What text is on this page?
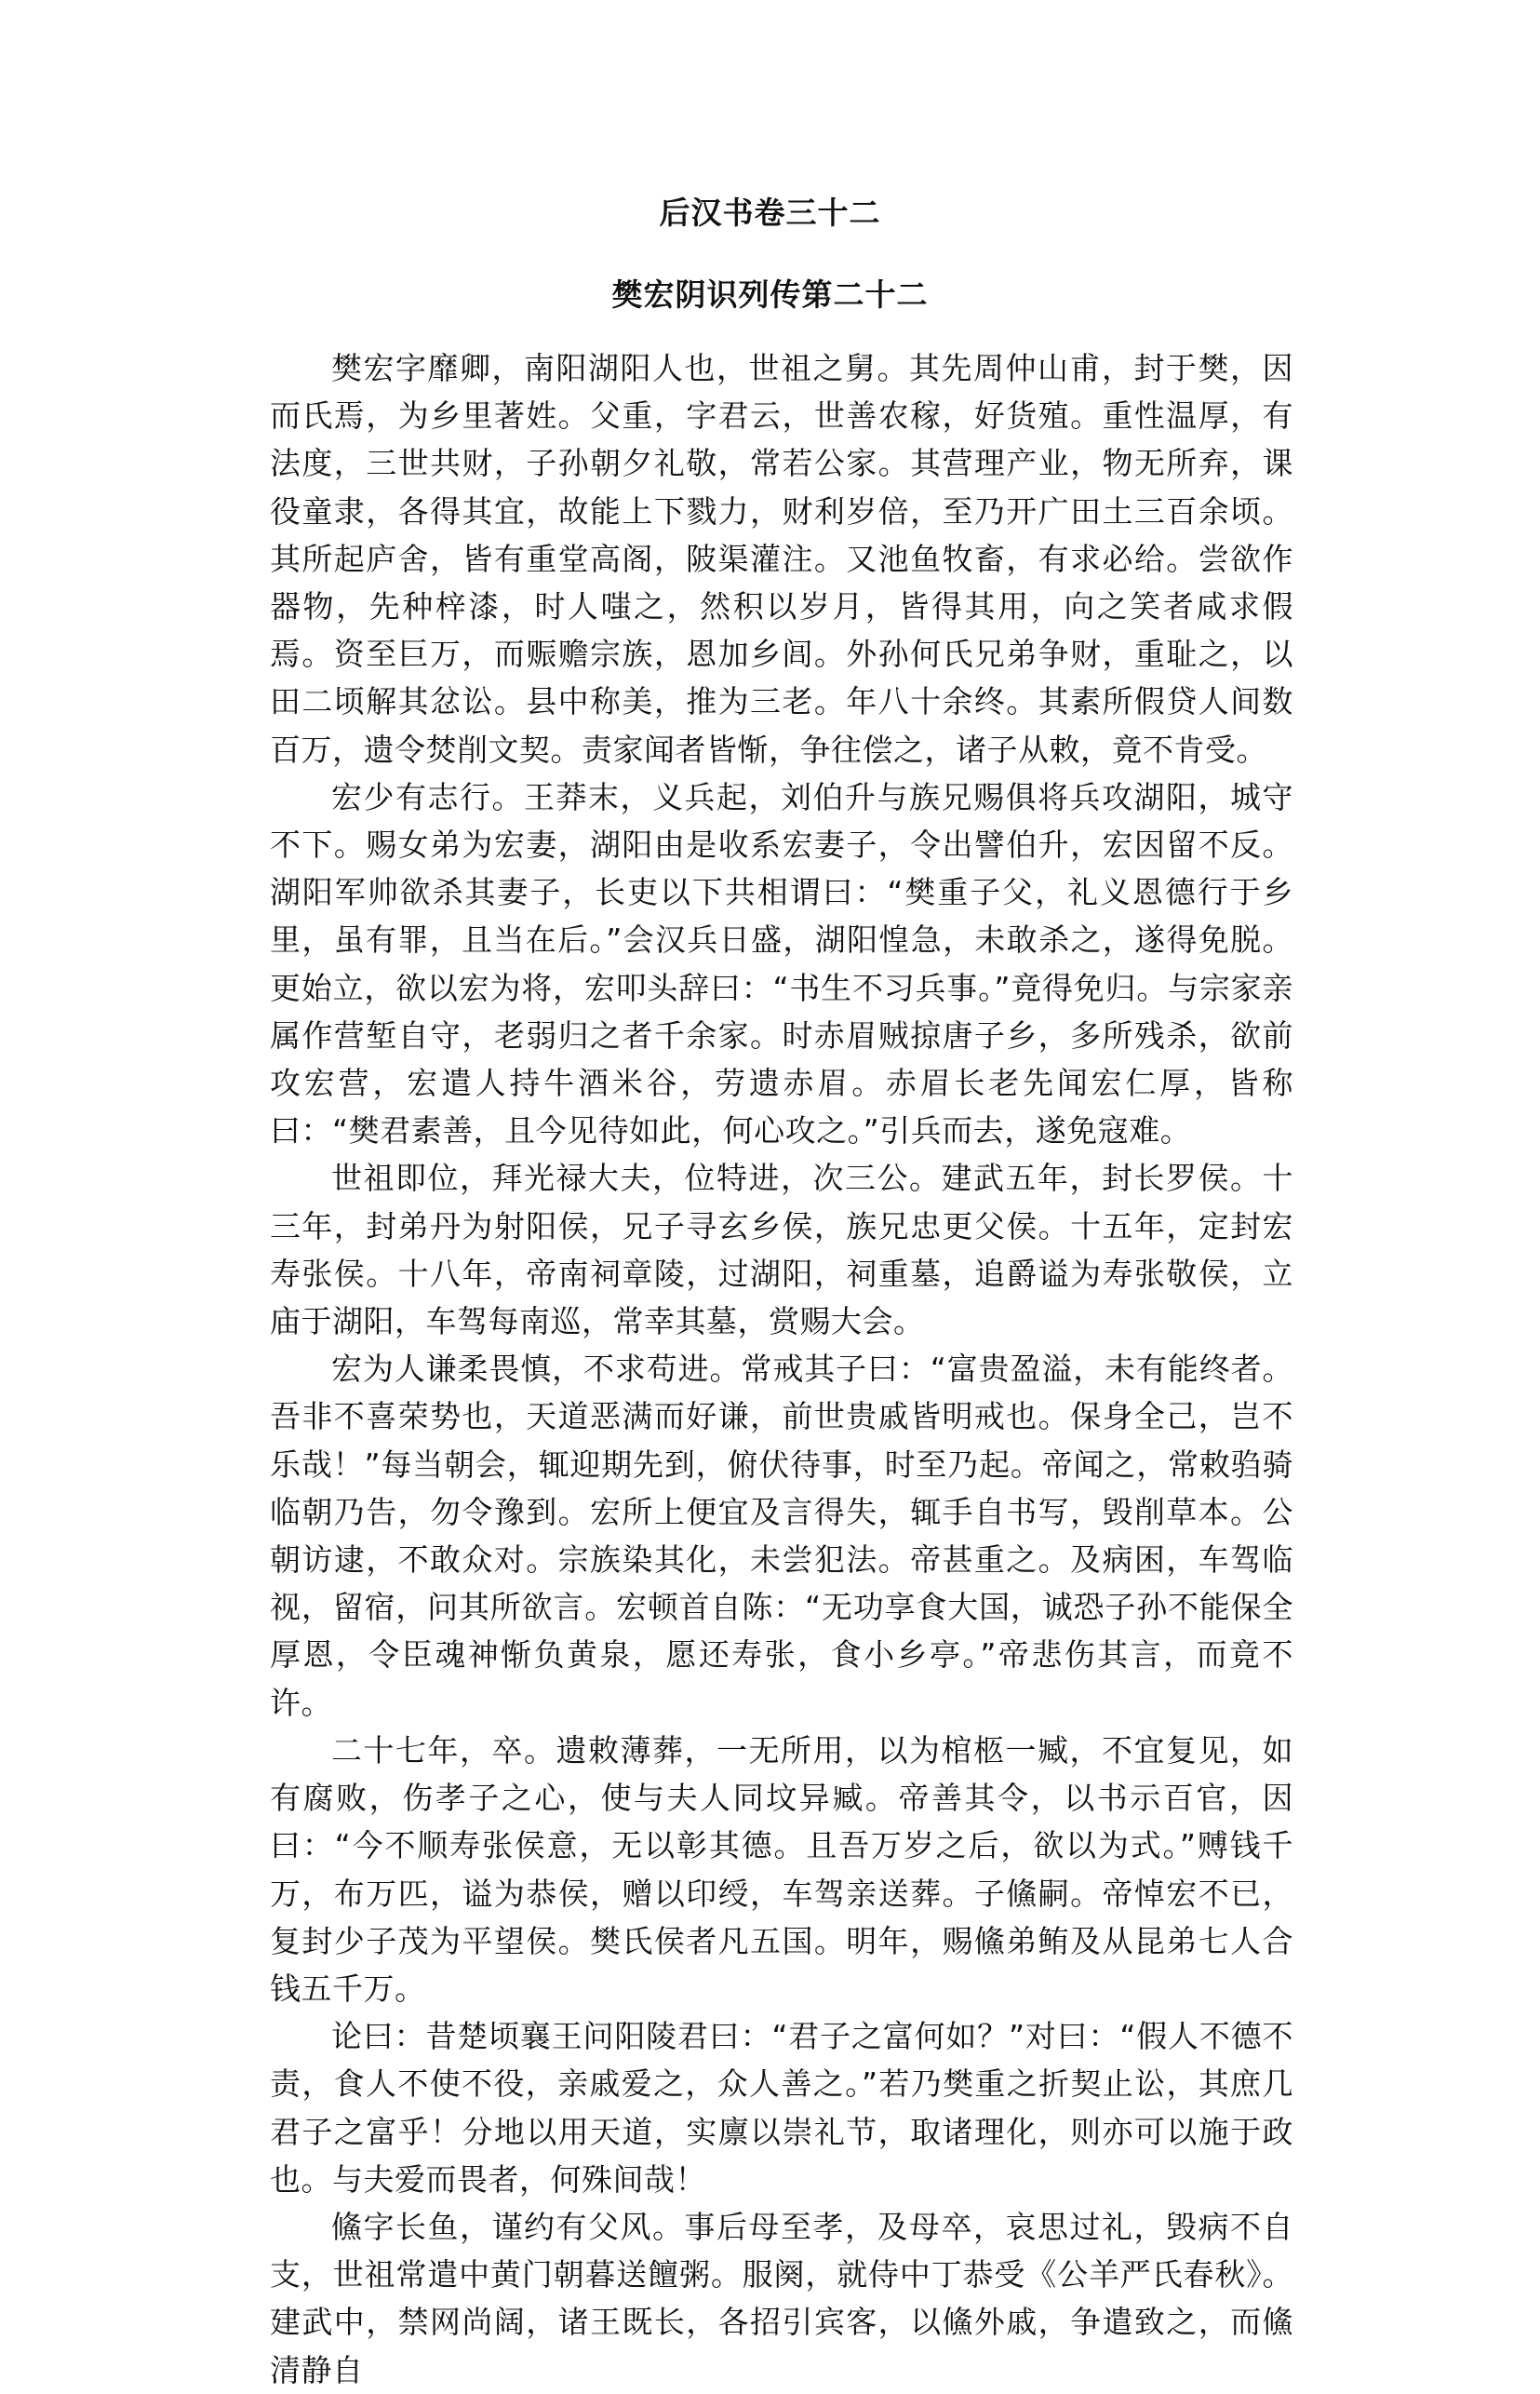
后汉书卷三十二
樊宏阴识列传第二十二

樊宏字靡卿，南阳湖阳人也，世祖之舅。其先周仲山甫，封于樊，因而氏焉，为乡里著姓。父重，字君云，世善农稼，好货殖。重性温厚，有法度，三世共财，子孙朝夕礼敬，常若公家。其营理产业，物无所弃，课役童隶，各得其宜，故能上下戮力，财利岁倍，至乃开广田土三百余顷。其所起庐舍，皆有重堂高阁，陂渠灌注。又池鱼牧畜，有求必给。尝欲作器物，先种梓漆，时人嗤之，然积以岁月，皆得其用，向之笑者咸求假焉。资至巨万，而赈赡宗族，恩加乡闾。外孙何氏兄弟争财，重耻之，以田二顷解其忿讼。县中称美，推为三老。年八十余终。其素所假贷人间数百万，遗令焚削文契。责家闻者皆惭，争往偿之，诸子从敕，竟不肯受。

宏少有志行。王莽末，义兵起，刘伯升与族兄赐俱将兵攻湖阳，城守不下。赐女弟为宏妻，湖阳由是收系宏妻子，令出譬伯升，宏因留不反。湖阳军帅欲杀其妻子，长吏以下共相谓曰：“樊重子父，礼义恩德行于乡里，虽有罪，且当在后。”会汉兵日盛，湖阳惶急，未敢杀之，遂得免脱。更始立，欲以宏为将，宏叩头辞曰：“书生不习兵事。”竟得免归。与宗家亲属作营堑自守，老弱归之者千余家。时赤眉贼掠唐子乡，多所残杀，欲前攻宏营，宏遣人持牛酒米谷，劳遗赤眉。赤眉长老先闻宏仁厚，皆称曰：“樊君素善，且今见待如此，何心攻之。”引兵而去，遂免寇难。

世祖即位，拜光禄大夫，位特进，次三公。建武五年，封长罗侯。十三年，封弟丹为射阳侯，兄子寻玄乡侯，族兄忠更父侯。十五年，定封宏寿张侯。十八年，帝南祠章陵，过湖阳，祠重墓，追爵谥为寿张敬侯，立庙于湖阳，车驾每南巡，常幸其墓，赏赐大会。

宏为人谦柔畏慎，不求苟进。常戒其子曰：“富贵盈溢，未有能终者。吾非不喜荣势也，天道恶满而好谦，前世贵戚皆明戒也。保身全己，岂不乐哉！”每当朝会，辄迎期先到，俯伏待事，时至乃起。帝闻之，常敕驺骑临朝乃告，勿令豫到。宏所上便宜及言得失，辄手自书写，毁削草本。公朝访逮，不敢众对。宗族染其化，未尝犯法。帝甚重之。及病困，车驾临视，留宿，问其所欲言。宏顿首自陈：“无功享食大国，诚恐子孙不能保全厚恩，令臣魂神惭负黄泉，愿还寿张，食小乡亭。”帝悲伤其言，而竟不许。

二十七年，卒。遗敕薄葬，一无所用，以为棺柩一臧，不宜复见，如有腐败，伤孝子之心，使与夫人同坟异臧。帝善其令，以书示百官，因曰：“今不顺寿张侯意，无以彰其德。且吾万岁之后，欲以为式。”赙钱千万，布万匹，谥为恭侯，赠以印绶，车驾亲送葬。子鯈嗣。帝悼宏不已，复封少子茂为平望侯。樊氏侯者凡五国。明年，赐鯈弟鲔及从昆弟七人合钱五千万。

论曰：昔楚顷襄王问阳陵君曰：“君子之富何如？”对曰：“假人不德不责，食人不使不役，亲戚爱之，众人善之。”若乃樊重之折契止讼，其庶几君子之富乎！分地以用天道，实廪以崇礼节，取诸理化，则亦可以施于政也。与夫爱而畏者，何殊间哉！

鯈字长鱼，谨约有父风。事后母至孝，及母卒，哀思过礼，毁病不自支，世祖常遣中黄门朝暮送饘粥。服阕，就侍中丁恭受《公羊严氏春秋》。建武中，禁网尚阔，诸王既长，各招引宾客，以鯈外戚，争遣致之，而鯈清静自
